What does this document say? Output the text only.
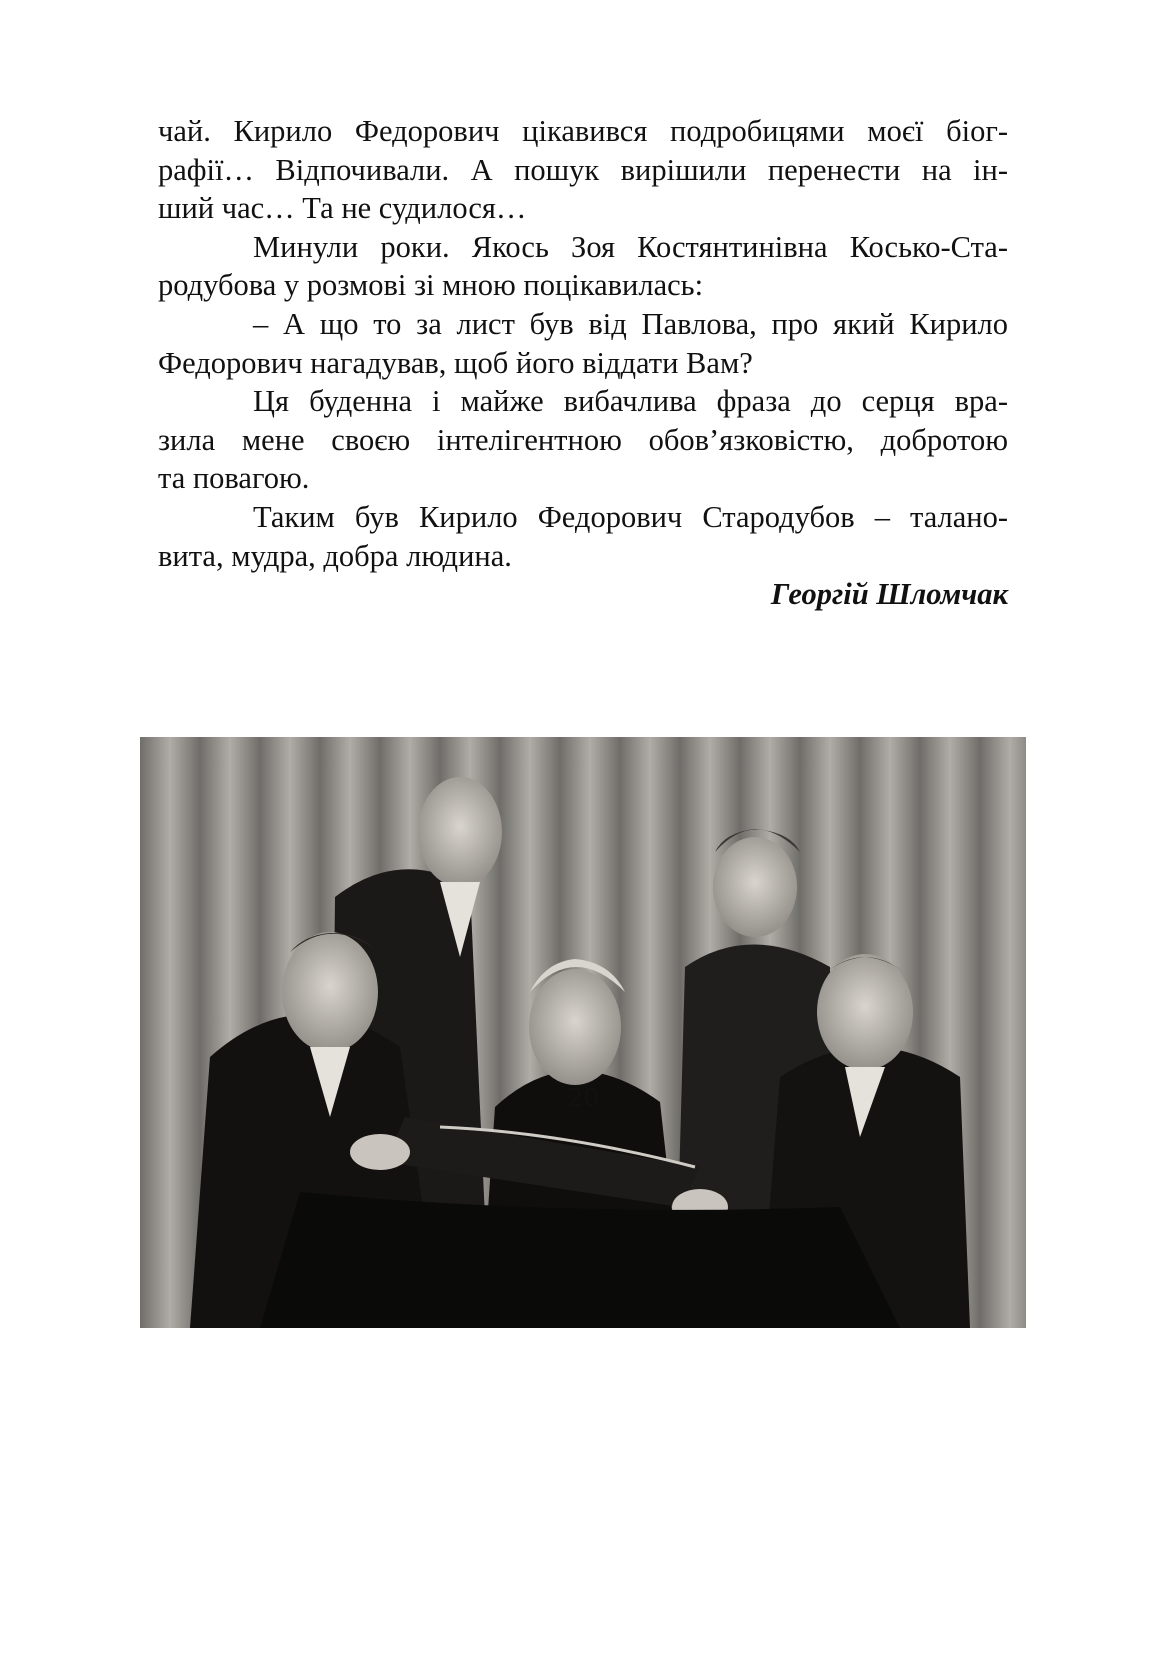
чай. Кирило Федорович цікавився подробицями моєї біог-
рафії… Відпочивали. А пошук вирішили перенести на ін-
ший час… Та не судилося…
Минули роки. Якось Зоя Костянтинівна Косько-Ста-
родубова у розмові зі мною поцікавилась:
– А що то за лист був від Павлова, про який Кирило
Федорович нагадував, щоб його віддати Вам?
Ця буденна і майже вибачлива фраза до серця вра-
зила мене своєю інтелігентною обов’язковістю, добротою
та повагою.
Таким був Кирило Федорович Стародубов – талано-
вита, мудра, добра людина.
Георгій Шломчак
20
